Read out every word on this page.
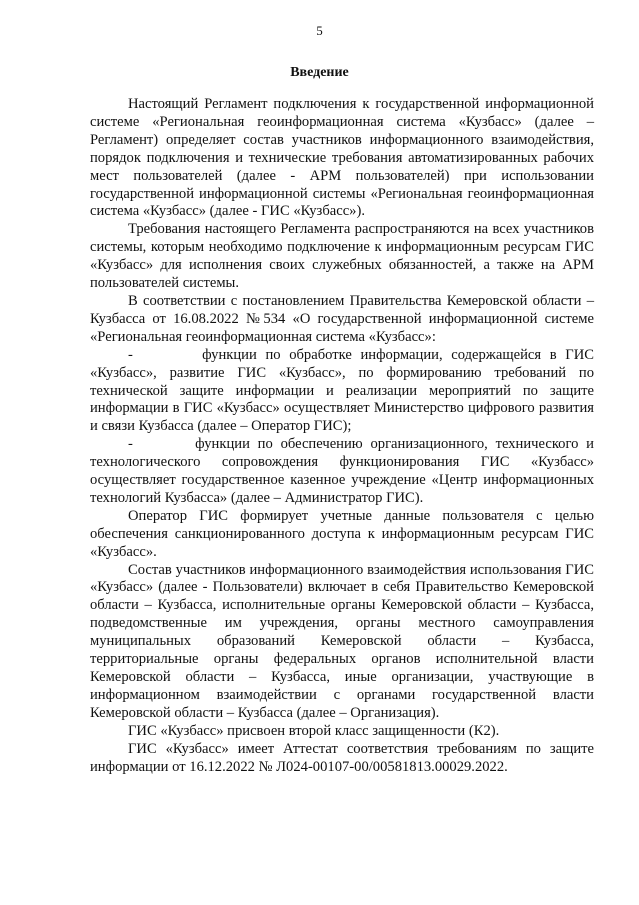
5
Введение

Настоящий Регламент подключения к государственной информационной системе «Региональная геоинформационная система «Кузбасс» (далее – Регламент) определяет состав участников информационного взаимодействия, порядок подключения и технические требования автоматизированных рабочих мест пользователей (далее - АРМ пользователей) при использовании государственной информационной системы «Региональная геоинформационная система «Кузбасс» (далее - ГИС «Кузбасс»).

Требования настоящего Регламента распространяются на всех участников системы, которым необходимо подключение к информационным ресурсам ГИС «Кузбасс» для исполнения своих служебных обязанностей, а также на АРМ пользователей системы.

В соответствии с постановлением Правительства Кемеровской области – Кузбасса от 16.08.2022 №534 «О государственной информационной системе «Региональная геоинформационная система «Кузбасс»:

-        функции по обработке информации, содержащейся в ГИС «Кузбасс», развитие ГИС «Кузбасс», по формированию требований по технической защите информации и реализации мероприятий по защите информации в ГИС «Кузбасс» осуществляет Министерство цифрового развития и связи Кузбасса (далее – Оператор ГИС);

-        функции по обеспечению организационного, технического и технологического сопровождения функционирования ГИС «Кузбасс» осуществляет государственное казенное учреждение «Центр информационных технологий Кузбасса» (далее – Администратор ГИС).

Оператор ГИС формирует учетные данные пользователя с целью обеспечения санкционированного доступа к информационным ресурсам ГИС «Кузбасс».

Состав участников информационного взаимодействия использования ГИС «Кузбасс» (далее - Пользователи) включает в себя Правительство Кемеровской области – Кузбасса, исполнительные органы Кемеровской области – Кузбасса, подведомственные им учреждения, органы местного самоуправления муниципальных образований Кемеровской области – Кузбасса, территориальные органы федеральных органов исполнительной власти Кемеровской области – Кузбасса, иные организации, участвующие в информационном взаимодействии с органами государственной власти Кемеровской области – Кузбасса (далее – Организация).

ГИС «Кузбасс» присвоен второй класс защищенности (К2).

ГИС «Кузбасс» имеет Аттестат соответствия требованиям по защите информации от 16.12.2022 № Л024-00107-00/00581813.00029.2022.
